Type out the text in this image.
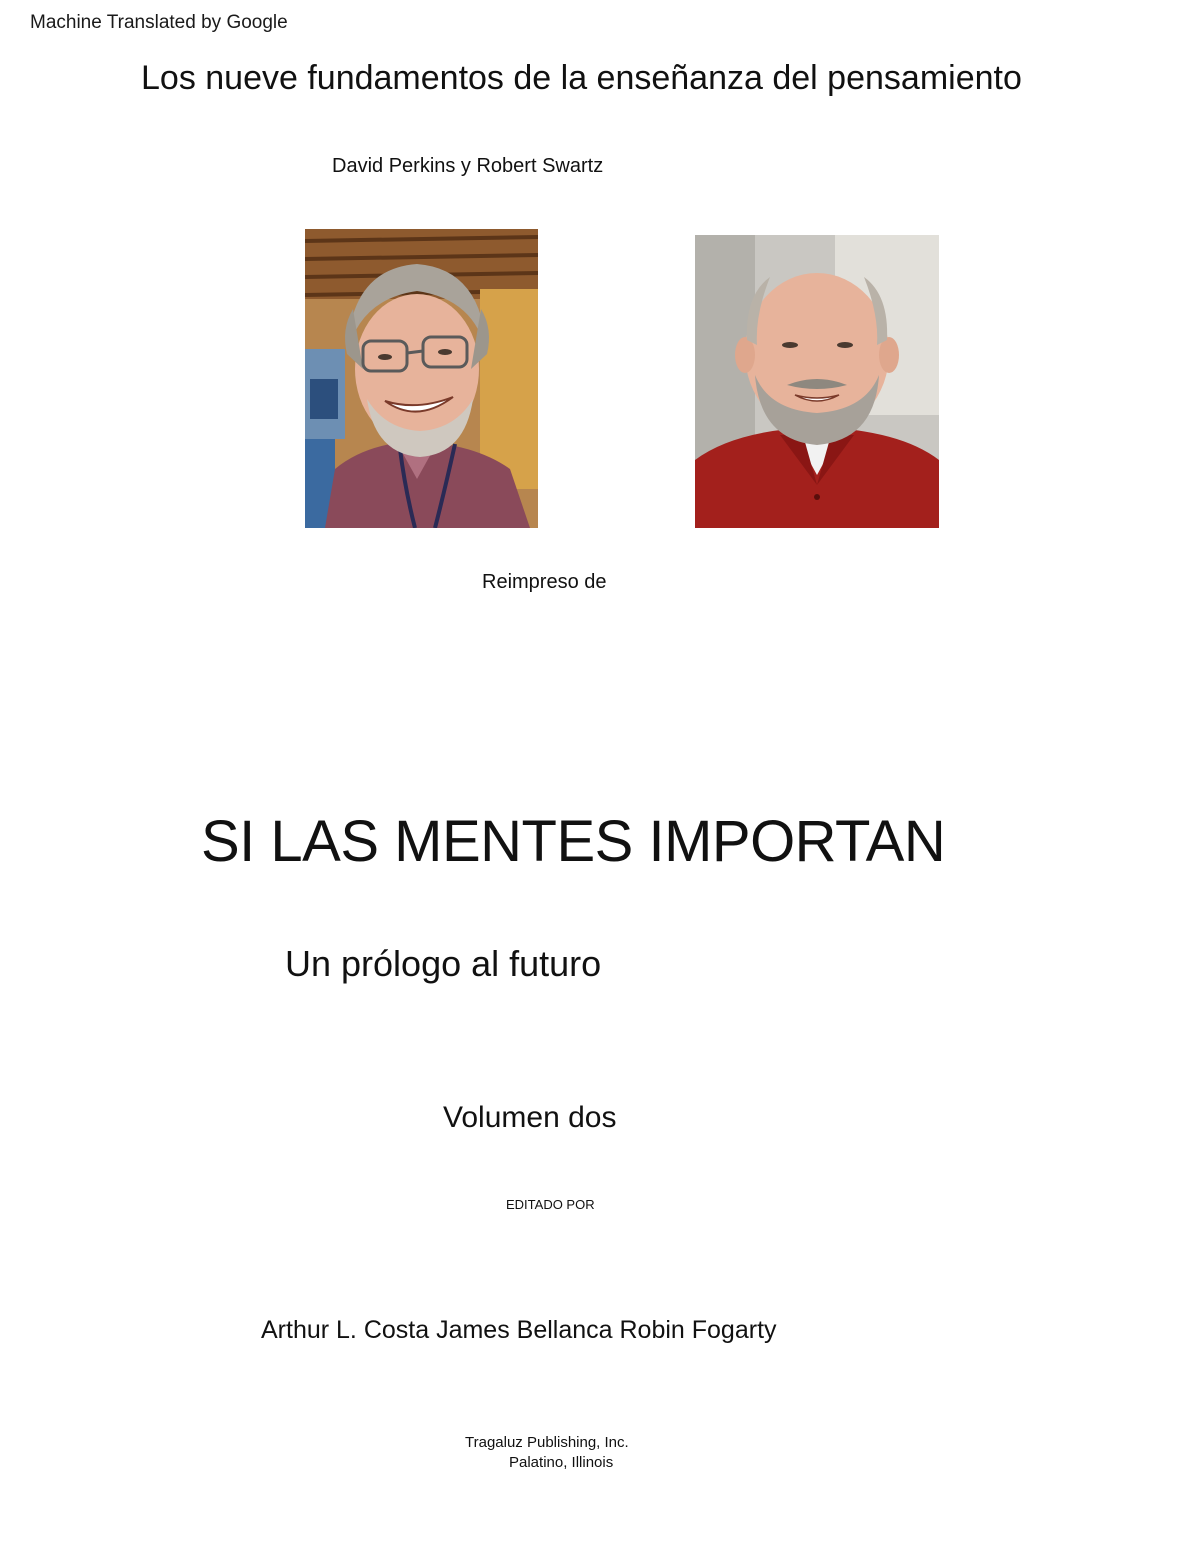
Machine Translated by Google
Los nueve fundamentos de la enseñanza del pensamiento
David Perkins y Robert Swartz
Reimpreso de
SI LAS MENTES IMPORTAN
Un prólogo al futuro
Volumen dos
EDITADO POR
Arthur L. Costa James Bellanca Robin Fogarty
Tragaluz Publishing, Inc.
Palatino, Illinois
